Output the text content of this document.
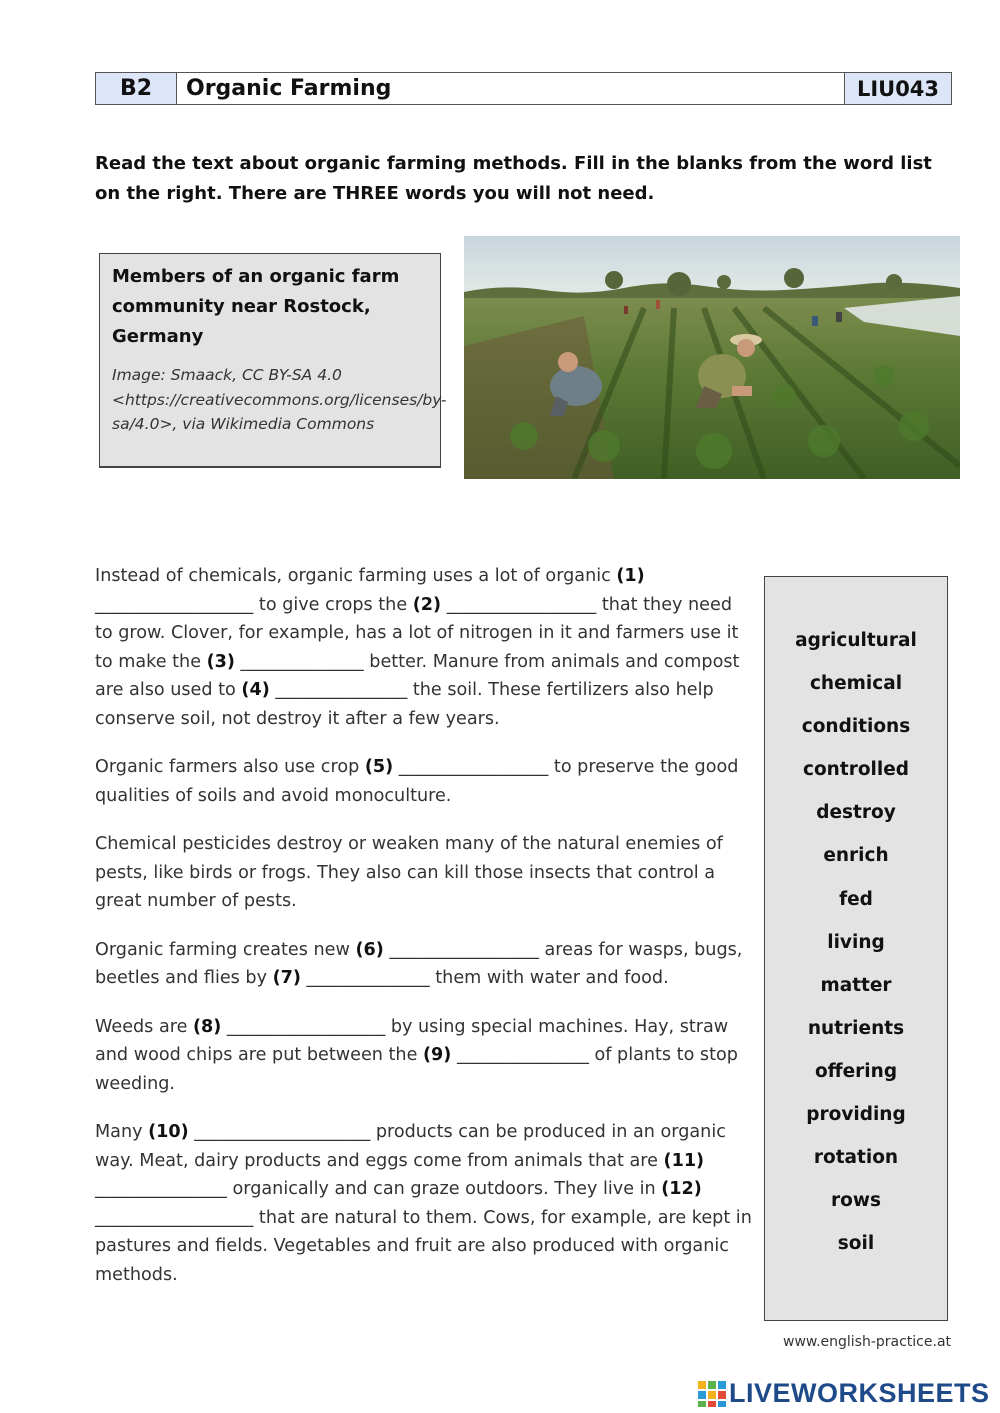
B2	Organic Farming	LIU043
Read the text about organic farming methods. Fill in the blanks from the word list on the right. There are THREE words you will not need.
Members of an organic farm community near Rostock, Germany
Image: Smaack, CC BY-SA 4.0 <https://creativecommons.org/licenses/by-sa/4.0>, via Wikimedia Commons

Instead of chemicals, organic farming uses a lot of organic (1) __________________ to give crops the (2) _________________ that they need to grow. Clover, for example, has a lot of nitrogen in it and farmers use it to make the (3) ______________ better. Manure from animals and compost are also used to (4) _______________ the soil. These fertilizers also help conserve soil, not destroy it after a few years.

Organic farmers also use crop (5) _________________ to preserve the good qualities of soils and avoid monoculture.

Chemical pesticides destroy or weaken many of the natural enemies of pests, like birds or frogs. They also can kill those insects that control a great number of pests.

Organic farming creates new (6) _________________ areas for wasps, bugs, beetles and flies by (7) ______________ them with water and food.

Weeds are (8) __________________ by using special machines. Hay, straw and wood chips are put between the (9) _______________ of plants to stop weeding.

Many (10) ____________________ products can be produced in an organic way. Meat, dairy products and eggs come from animals that are (11) _______________ organically and can graze outdoors. They live in (12) __________________ that are natural to them. Cows, for example, are kept in pastures and fields. Vegetables and fruit are also produced with organic methods.

agricultural
chemical
conditions
controlled
destroy
enrich
fed
living
matter
nutrients
offering
providing
rotation
rows
soil
www.english-practice.at
LIVEWORKSHEETS
